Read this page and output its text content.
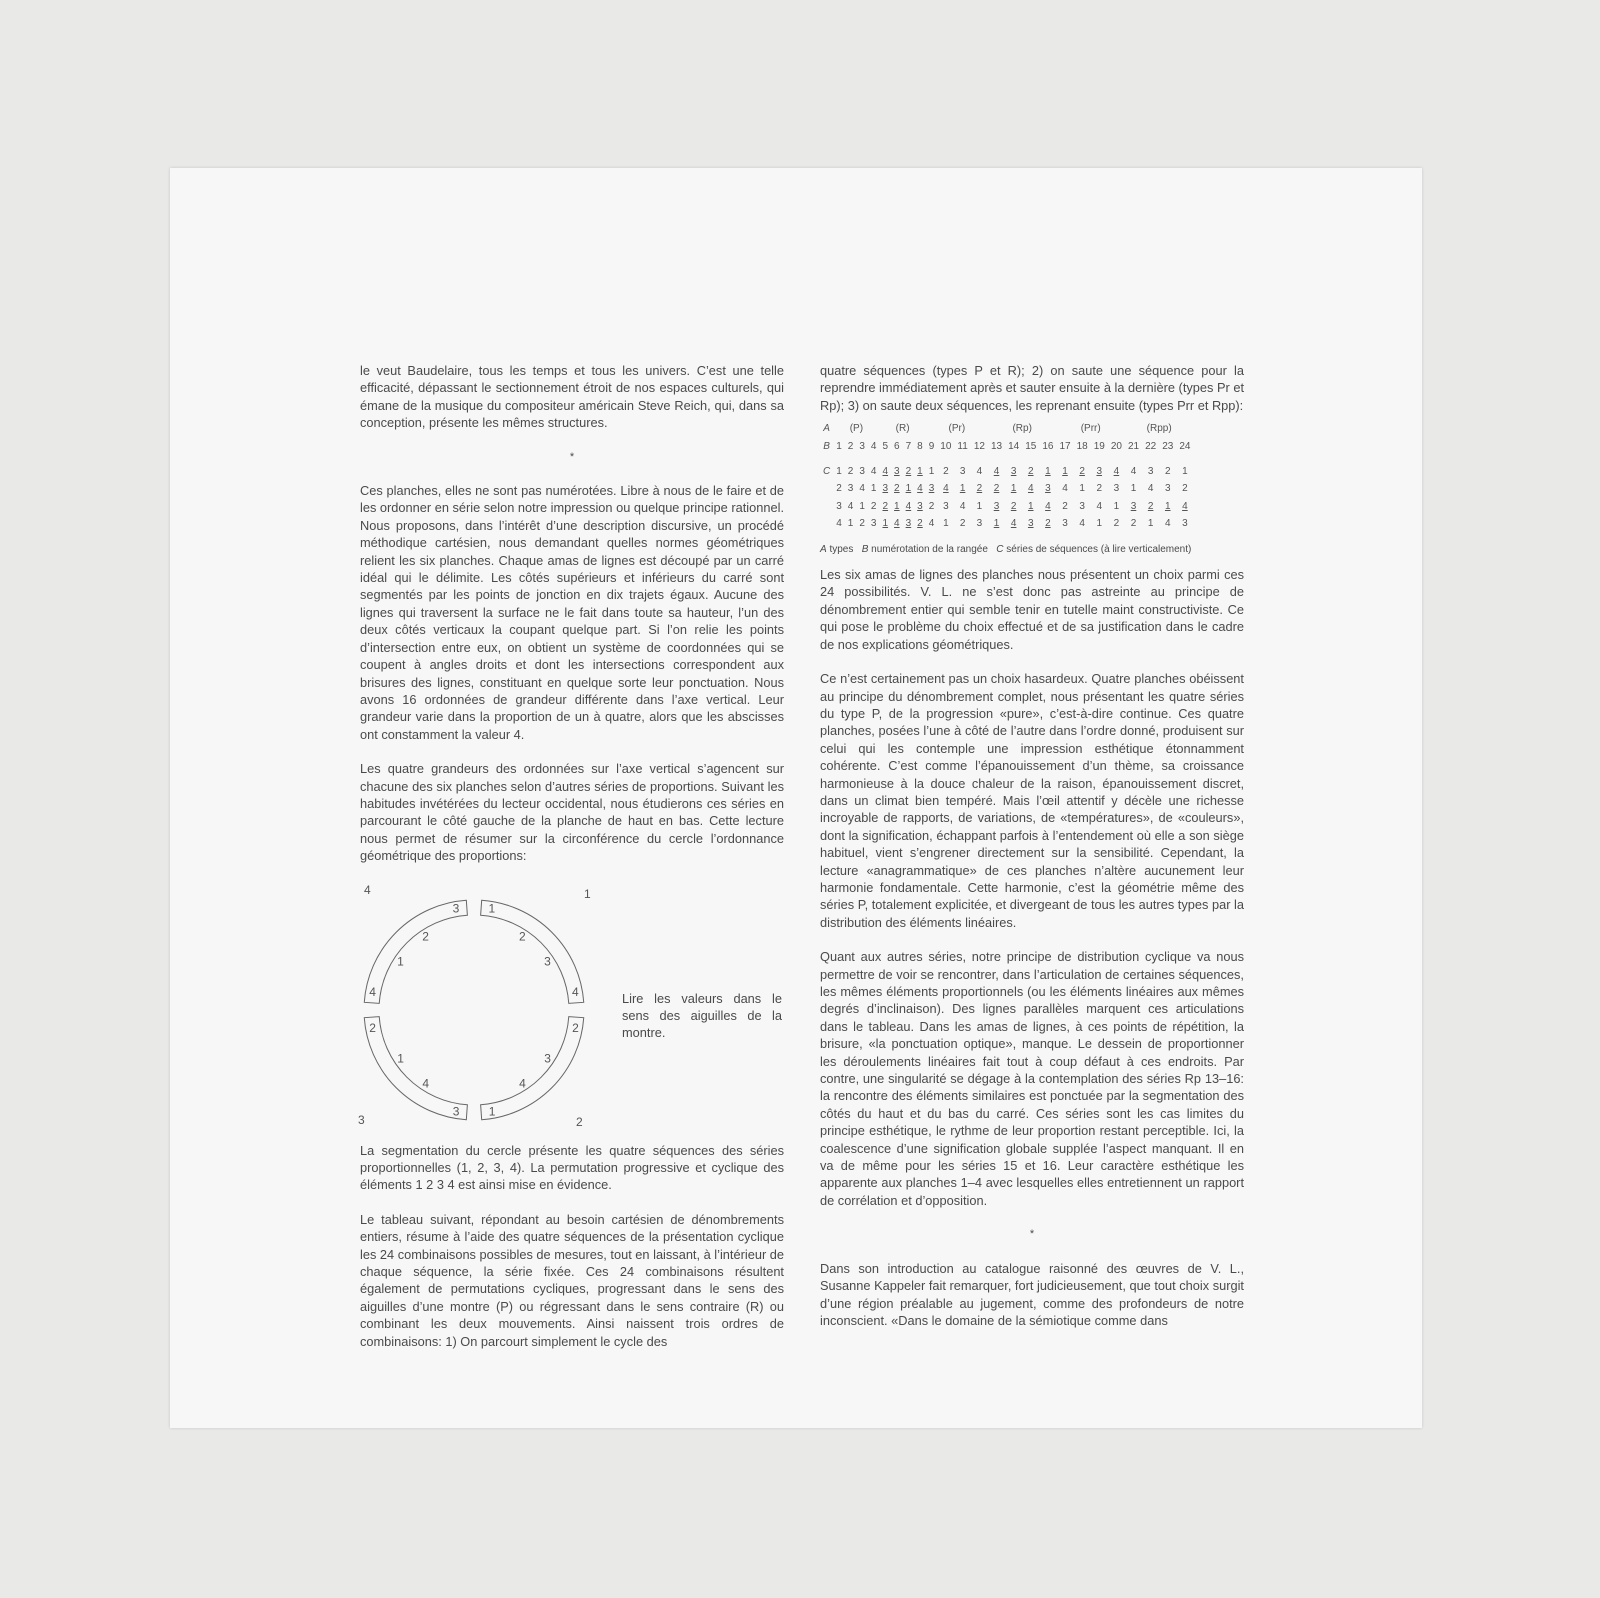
le veut Baudelaire, tous les temps et tous les univers. C’est une telle efficacité, dépassant le sectionnement étroit de nos espaces culturels, qui émane de la musique du compositeur américain Steve Reich, qui, dans sa conception, présente les mêmes structures.

*

Ces planches, elles ne sont pas numérotées. Libre à nous de le faire et de les ordonner en série selon notre impression ou quelque principe rationnel. Nous proposons, dans l’intérêt d’une description discursive, un procédé méthodique cartésien, nous demandant quelles normes géométriques relient les six planches. Chaque amas de lignes est découpé par un carré idéal qui le délimite. Les côtés supérieurs et inférieurs du carré sont segmentés par les points de jonction en dix trajets égaux. Aucune des lignes qui traversent la surface ne le fait dans toute sa hauteur, l’un des deux côtés verticaux la coupant quelque part. Si l’on relie les points d’intersection entre eux, on obtient un système de coordonnées qui se coupent à angles droits et dont les intersections correspondent aux brisures des lignes, constituant en quelque sorte leur ponctuation. Nous avons 16 ordonnées de grandeur différente dans l’axe vertical. Leur grandeur varie dans la proportion de un à quatre, alors que les abscisses ont constamment la valeur 4.

Les quatre grandeurs des ordonnées sur l’axe vertical s’agencent sur chacune des six planches selon d’autres séries de proportions. Suivant les habitudes invétérées du lecteur occidental, nous étudierons ces séries en parcourant le côté gauche de la planche de haut en bas. Cette lecture nous permet de résumer sur la circonférence du cercle l’ordonnance géométrique des proportions:

1
2
3
4
2
3
4
1
3
4
1
2
4
1
2
3
4	1
3	2
Lire les valeurs dans le sens des aiguilles de la montre.

La segmentation du cercle présente les quatre séquences des séries proportionnelles (1, 2, 3, 4). La permutation progressive et cyclique des éléments 1 2 3 4 est ainsi mise en évidence.

Le tableau suivant, répondant au besoin cartésien de dénombrements entiers, résume à l’aide des quatre séquences de la présentation cyclique les 24 combinaisons possibles de mesures, tout en laissant, à l’intérieur de chaque séquence, la série fixée. Ces 24 combinaisons résultent également de permutations cycliques, progressant dans le sens des aiguilles d’une montre (P) ou régressant dans le sens contraire (R) ou combinant les deux mouvements. Ainsi naissent trois ordres de combinaisons: 1) On parcourt simplement le cycle des

quatre séquences (types P et R); 2) on saute une séquence pour la reprendre immédiatement après et sauter ensuite à la dernière (types Pr et Rp); 3) on saute deux séquences, les reprenant ensuite (types Prr et Rpp):

A	(P)				(R)				(Pr)				(Rp)				(Prr)				(Rpp)			
B	1	2	3	4	5	6	7	8	9	10	11	12	13	14	15	16	17	18	19	20	21	22	23	24

C	1	2	3	4	4	3	2	1	1	2	3	4	4	3	2	1	1	2	3	4	4	3	2	1
	2	3	4	1	3	2	1	4	3	4	1	2	2	1	4	3	4	1	2	3	1	4	3	2
	3	4	1	2	2	1	4	3	2	3	4	1	3	2	1	4	2	3	4	1	3	2	1	4
	4	1	2	3	1	4	3	2	4	1	2	3	1	4	3	2	3	4	1	2	2	1	4	3
A types B numérotation de la rangée C séries de séquences (à lire verticalement)

Les six amas de lignes des planches nous présentent un choix parmi ces 24 possibilités. V. L. ne s’est donc pas astreinte au principe de dénombrement entier qui semble tenir en tutelle maint constructiviste. Ce qui pose le problème du choix effectué et de sa justification dans le cadre de nos explications géométriques.

Ce n’est certainement pas un choix hasardeux. Quatre planches obéissent au principe du dénombrement complet, nous présentant les quatre séries du type P, de la progression «pure», c’est-à-dire continue. Ces quatre planches, posées l’une à côté de l’autre dans l’ordre donné, produisent sur celui qui les contemple une impression esthétique étonnamment cohérente. C’est comme l’épanouissement d’un thème, sa croissance harmonieuse à la douce chaleur de la raison, épanouissement discret, dans un climat bien tempéré. Mais l’œil attentif y décèle une richesse incroyable de rapports, de variations, de «températures», de «couleurs», dont la signification, échappant parfois à l’entendement où elle a son siège habituel, vient s’engrener directement sur la sensibilité. Cependant, la lecture «anagrammatique» de ces planches n’altère aucunement leur harmonie fondamentale. Cette harmonie, c’est la géométrie même des séries P, totalement explicitée, et divergeant de tous les autres types par la distribution des éléments linéaires.

Quant aux autres séries, notre principe de distribution cyclique va nous permettre de voir se rencontrer, dans l’articulation de certaines séquences, les mêmes éléments proportionnels (ou les éléments linéaires aux mêmes degrés d’inclinaison). Des lignes parallèles marquent ces articulations dans le tableau. Dans les amas de lignes, à ces points de répétition, la brisure, «la ponctuation optique», manque. Le dessein de proportionner les déroulements linéaires fait tout à coup défaut à ces endroits. Par contre, une singularité se dégage à la contemplation des séries Rp 13–16: la rencontre des éléments similaires est ponctuée par la segmentation des côtés du haut et du bas du carré. Ces séries sont les cas limites du principe esthétique, le rythme de leur proportion restant perceptible. Ici, la coalescence d’une signification globale supplée l’aspect manquant. Il en va de même pour les séries 15 et 16. Leur caractère esthétique les apparente aux planches 1–4 avec lesquelles elles entretiennent un rapport de corrélation et d’opposition.

*

Dans son introduction au catalogue raisonné des œuvres de V. L., Susanne Kappeler fait remarquer, fort judicieusement, que tout choix surgit d’une région préalable au jugement, comme des profondeurs de notre inconscient. «Dans le domaine de la sémiotique comme dans
